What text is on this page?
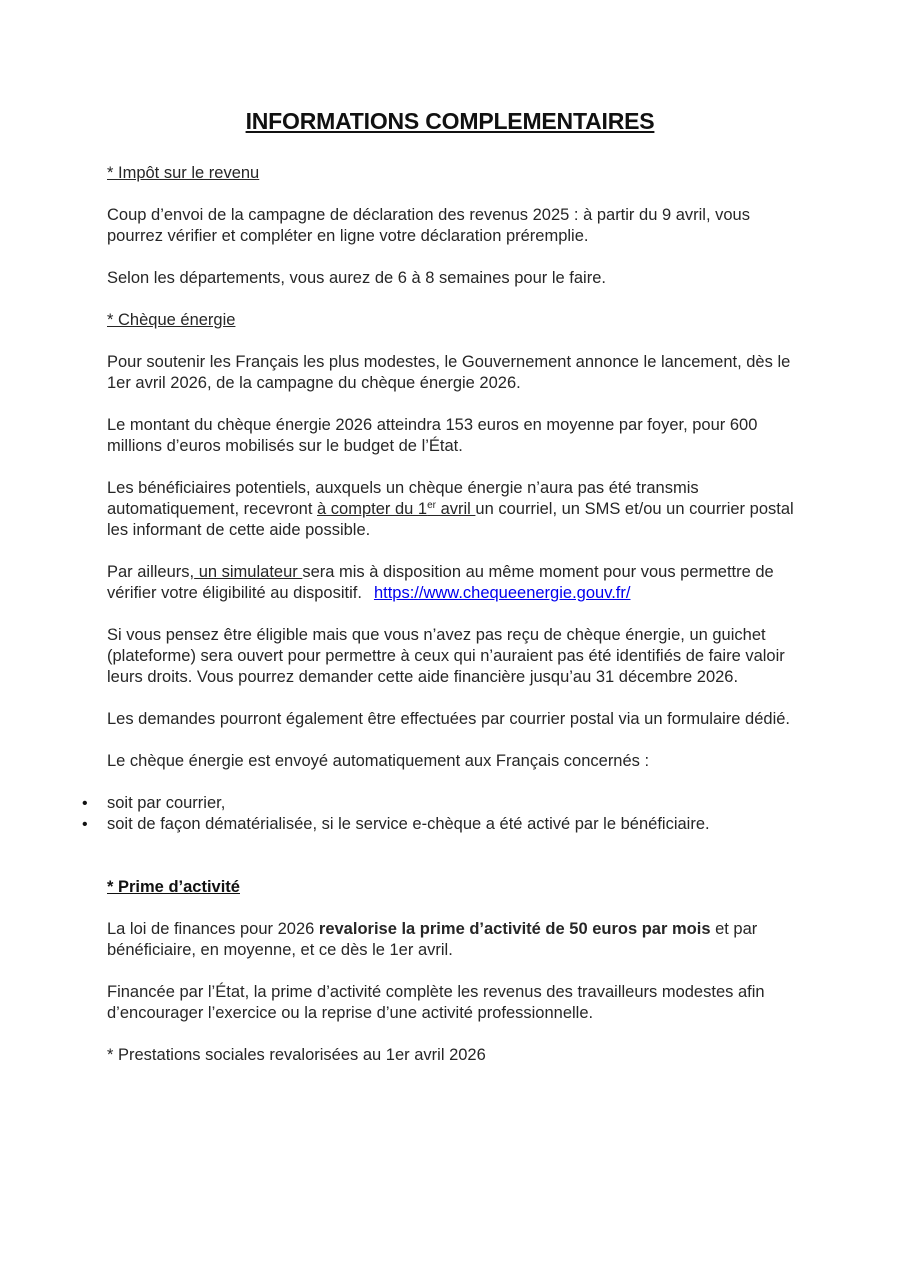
INFORMATIONS COMPLEMENTAIRES

* Impôt sur le revenu

Coup d’envoi de la campagne de déclaration des revenus 2025 : à partir du 9 avril, vous pourrez vérifier et compléter en ligne votre déclaration préremplie.

Selon les départements, vous aurez de 6 à 8 semaines pour le faire.

* Chèque énergie

Pour soutenir les Français les plus modestes, le Gouvernement annonce le lancement, dès le 1er avril 2026, de la campagne du chèque énergie 2026.

Le montant du chèque énergie 2026 atteindra 153 euros en moyenne par foyer, pour 600 millions d’euros mobilisés sur le budget de l’État.

Les bénéficiaires potentiels, auxquels un chèque énergie n’aura pas été transmis automatiquement, recevront à compter du 1er avril un courriel, un SMS et/ou un courrier postal les informant de cette aide possible.

Par ailleurs, un simulateur sera mis à disposition au même moment pour vous permettre de vérifier votre éligibilité au dispositif. https://www.chequeenergie.gouv.fr/

Si vous pensez être éligible mais que vous n’avez pas reçu de chèque énergie, un guichet (plateforme) sera ouvert pour permettre à ceux qui n’auraient pas été identifiés de faire valoir leurs droits. Vous pourrez demander cette aide financière jusqu’au 31 décembre 2026.

Les demandes pourront également être effectuées par courrier postal via un formulaire dédié.

Le chèque énergie est envoyé automatiquement aux Français concernés :

• soit par courrier,
• soit de façon dématérialisée, si le service e-chèque a été activé par le bénéficiaire.

* Prime d’activité

La loi de finances pour 2026 revalorise la prime d’activité de 50 euros par mois et par bénéficiaire, en moyenne, et ce dès le 1er avril.

Financée par l’État, la prime d’activité complète les revenus des travailleurs modestes afin d’encourager l’exercice ou la reprise d’une activité professionnelle.

* Prestations sociales revalorisées au 1er avril 2026
